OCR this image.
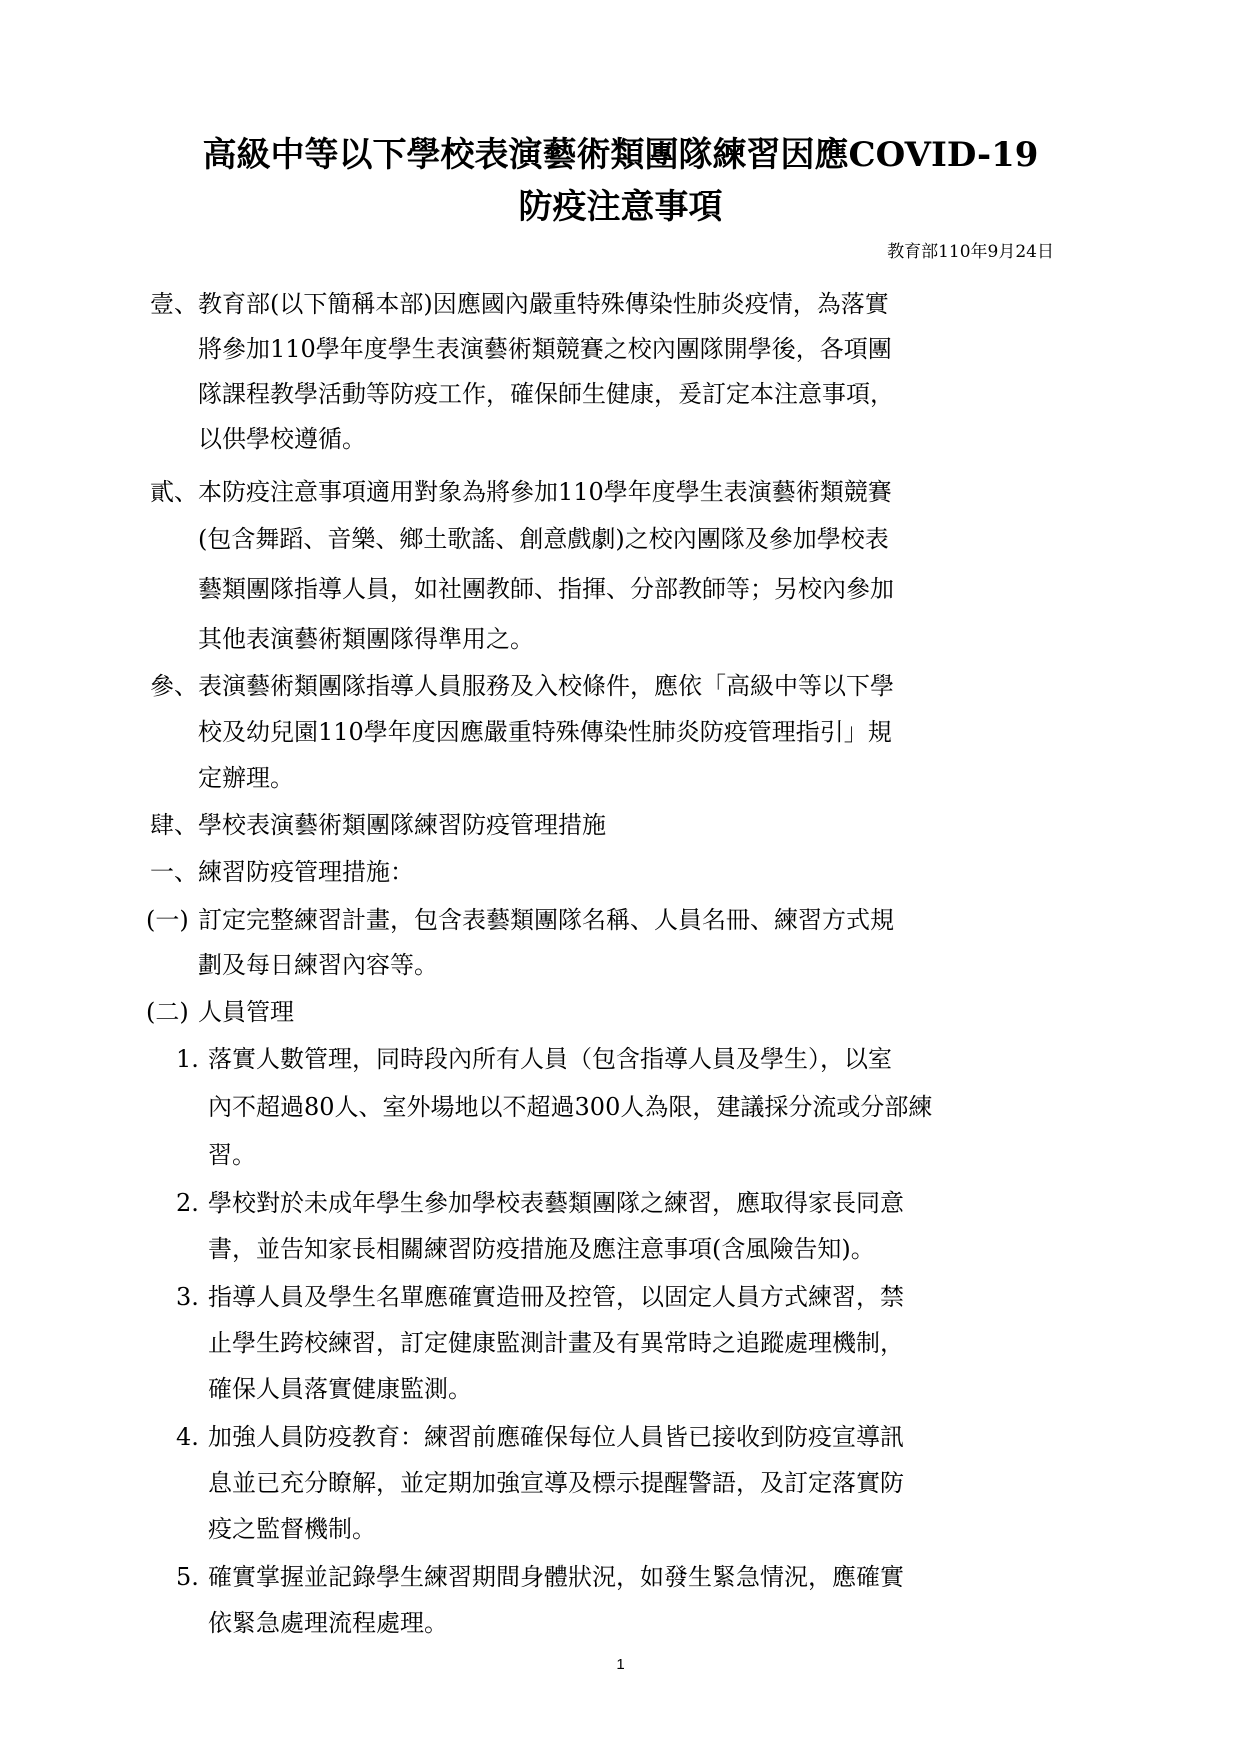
高級中等以下學校表演藝術類團隊練習因應COVID-19
防疫注意事項
教育部110年9月24日
壹、 教育部(以下簡稱本部)因應國內嚴重特殊傳染性肺炎疫情，為落實
將參加110學年度學生表演藝術類競賽之校內團隊開學後，各項團
隊課程教學活動等防疫工作，確保師生健康，爰訂定本注意事項，
以供學校遵循。
貳、 本防疫注意事項適用對象為將參加110學年度學生表演藝術類競賽
(包含舞蹈、音樂、鄉土歌謠、創意戲劇)之校內團隊及參加學校表
藝類團隊指導人員，如社團教師、指揮、分部教師等；另校內參加
其他表演藝術類團隊得準用之。
參、 表演藝術類團隊指導人員服務及入校條件，應依「高級中等以下學
校及幼兒園110學年度因應嚴重特殊傳染性肺炎防疫管理指引」規
定辦理。
肆、 學校表演藝術類團隊練習防疫管理措施
一、 練習防疫管理措施：
(一) 訂定完整練習計畫，包含表藝類團隊名稱、人員名冊、練習方式規
劃及每日練習內容等。
(二) 人員管理
1. 落實人數管理，同時段內所有人員（包含指導人員及學生），以室
內不超過80人、室外場地以不超過300人為限，建議採分流或分部練
習。
2. 學校對於未成年學生參加學校表藝類團隊之練習，應取得家長同意
書，並告知家長相關練習防疫措施及應注意事項(含風險告知)。
3. 指導人員及學生名單應確實造冊及控管，以固定人員方式練習，禁
止學生跨校練習，訂定健康監測計畫及有異常時之追蹤處理機制，
確保人員落實健康監測。
4. 加強人員防疫教育：練習前應確保每位人員皆已接收到防疫宣導訊
息並已充分瞭解，並定期加強宣導及標示提醒警語，及訂定落實防
疫之監督機制。
5. 確實掌握並記錄學生練習期間身體狀況，如發生緊急情況，應確實
依緊急處理流程處理。
1
